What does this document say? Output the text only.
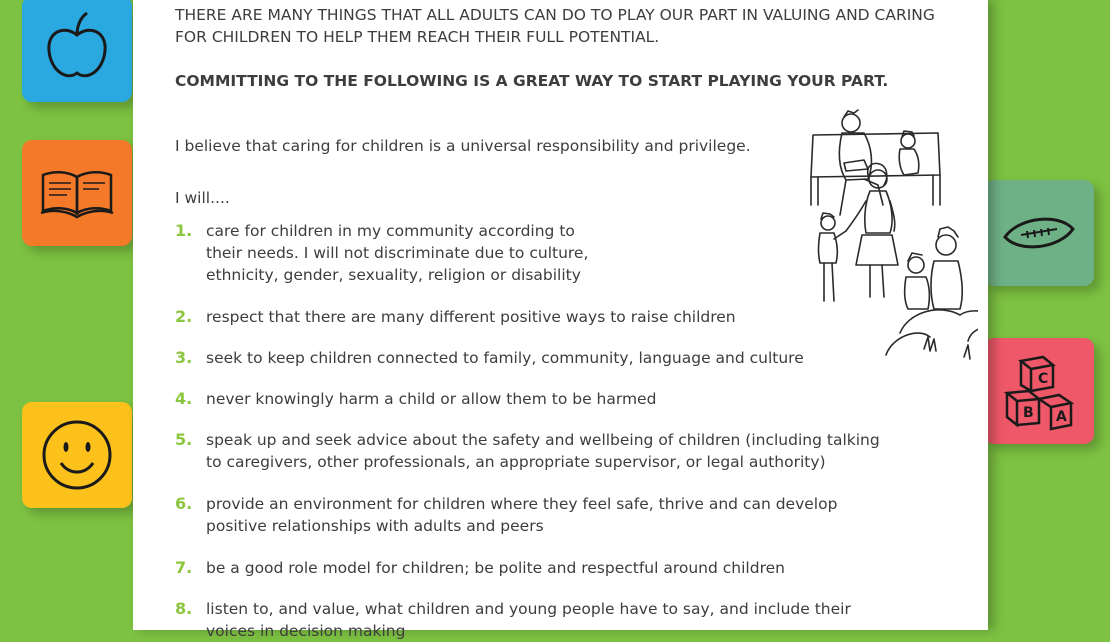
C
B A
THERE ARE MANY THINGS THAT ALL ADULTS CAN DO TO PLAY OUR PART IN VALUING AND CARING FOR CHILDREN TO HELP THEM REACH THEIR FULL POTENTIAL.
COMMITTING TO THE FOLLOWING IS A GREAT WAY TO START PLAYING YOUR PART.
I believe that caring for children is a universal responsibility and privilege.
I will....
1. care for children in my community according to
their needs. I will not discriminate due to culture,
ethnicity, gender, sexuality, religion or disability
2. respect that there are many different positive ways to raise children
3. seek to keep children connected to family, community, language and culture
4. never knowingly harm a child or allow them to be harmed
5. speak up and seek advice about the safety and wellbeing of children (including talking
to caregivers, other professionals, an appropriate supervisor, or legal authority)
6. provide an environment for children where they feel safe, thrive and can develop
positive relationships with adults and peers
7. be a good role model for children; be polite and respectful around children
8. listen to, and value, what children and young people have to say, and include their
voices in decision making
